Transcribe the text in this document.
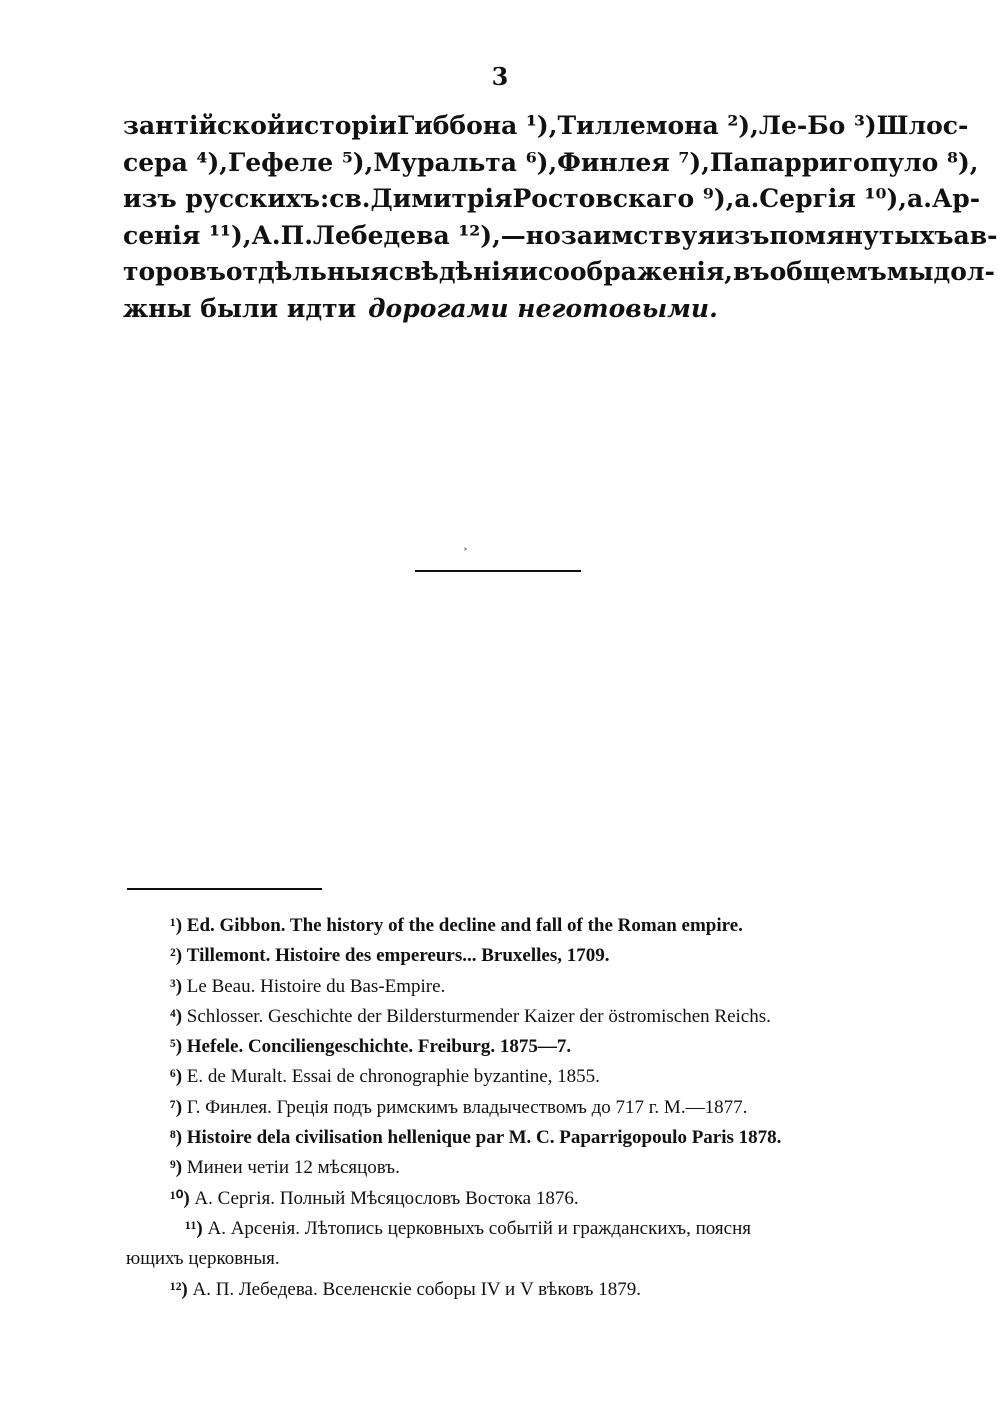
3
зантійской исторіи Гиббона ¹), Тиллемона ²), Ле-Бо ³) Шлос-
сера ⁴), Гефеле ⁵), Муральта ⁶), Финлея ⁷), Папарригопуло ⁸),
изъ русскихъ: св. Димитрія Ростовскаго ⁹), а. Сергія ¹⁰), а. Ар-
сенія ¹¹), А. П. Лебедева ¹²),—но заимствуя изъ помянутыхъ ав-
торовъ отдѣльныя свѣдѣнія и соображенія, въ общемъ мы дол-
жны были идти дорогами неготовыми.
˃
¹) Ed. Gibbon. The history of the decline and fall of the Roman empire.
²) Tillemont. Histoire des empereurs... Bruxelles, 1709.
³) Le Beau. Histoire du Bas-Empire.
⁴) Schlosser. Geschichte der Bildersturmender Kaizer der östromischen Reichs.
⁵) Hefele. Conciliengeschichte. Freiburg. 1875—7.
⁶) E. de Muralt. Essai de chronographie byzantine, 1855.
⁷) Г. Финлея. Греція подъ римскимъ владычествомъ до 717 г. М.—1877.
⁸) Histoire dela civilisation hellenique par M. C. Paparrigopoulo Paris 1878.
⁹) Минеи четіи 12 мѣсяцовъ.
¹⁰) А. Сергія. Полный Мѣсяцословъ Востока 1876.
¹¹) А. Арсенія. Лѣтопись церковныхъ событій и гражданскихъ, поясня
ющихъ церковныя.
¹²) А. П. Лебедева. Вселенскіе соборы IV и V вѣковъ 1879.
